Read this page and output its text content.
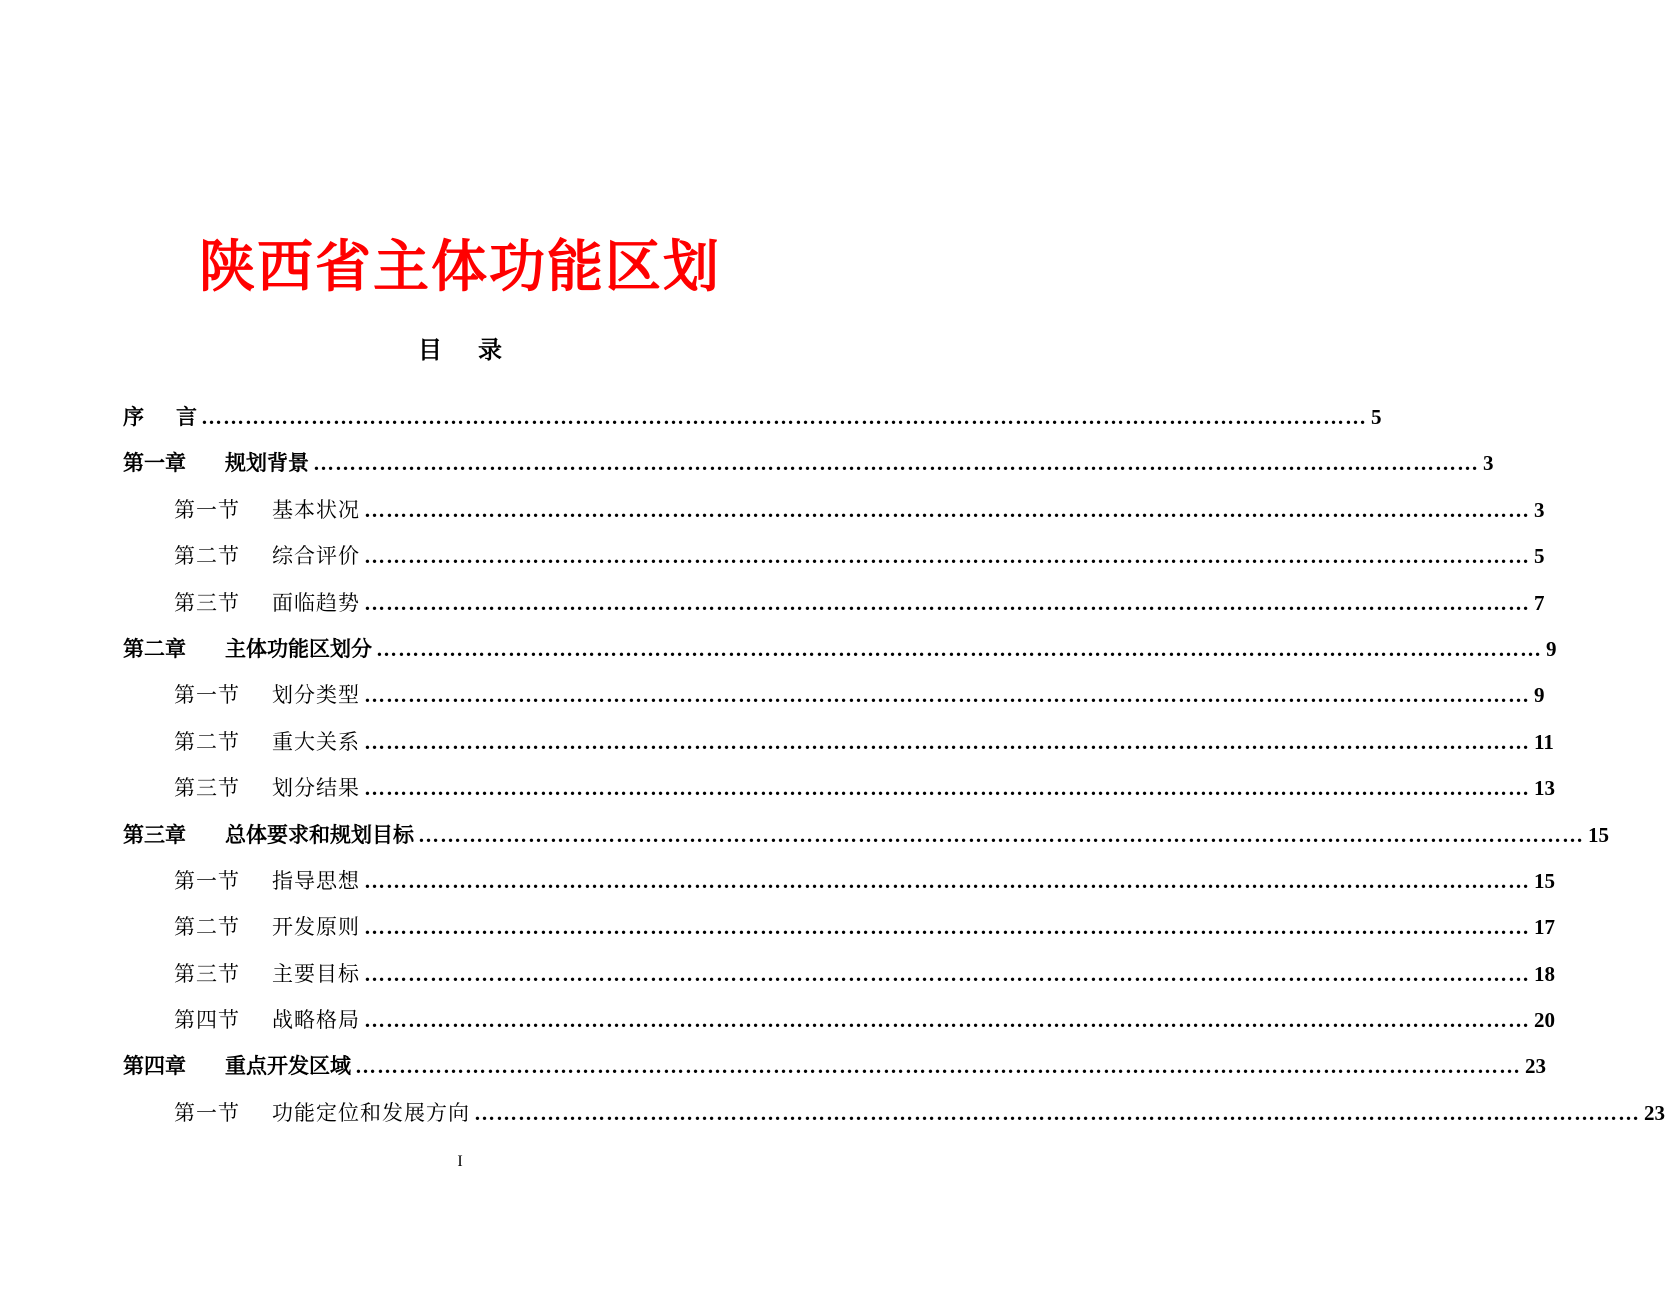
陕西省主体功能区划
目 录
序	言 …………………………………………………………………………………………………………………………………………… 5
第一章	规划背景 …………………………………………………………………………………………………………………………………………… 3
第一节	基本状况 …………………………………………………………………………………………………………………………………………… 3
第二节	综合评价 …………………………………………………………………………………………………………………………………………… 5
第三节	面临趋势 …………………………………………………………………………………………………………………………………………… 7
第二章	主体功能区划分 …………………………………………………………………………………………………………………………………………… 9
第一节	划分类型 …………………………………………………………………………………………………………………………………………… 9
第二节	重大关系 …………………………………………………………………………………………………………………………………………… 11
第三节	划分结果 …………………………………………………………………………………………………………………………………………… 13
第三章	总体要求和规划目标 …………………………………………………………………………………………………………………………………………… 15
第一节	指导思想 …………………………………………………………………………………………………………………………………………… 15
第二节	开发原则 …………………………………………………………………………………………………………………………………………… 17
第三节	主要目标 …………………………………………………………………………………………………………………………………………… 18
第四节	战略格局 …………………………………………………………………………………………………………………………………………… 20
第四章	重点开发区域 …………………………………………………………………………………………………………………………………………… 23
第一节	功能定位和发展方向 …………………………………………………………………………………………………………………………………………… 23
I
